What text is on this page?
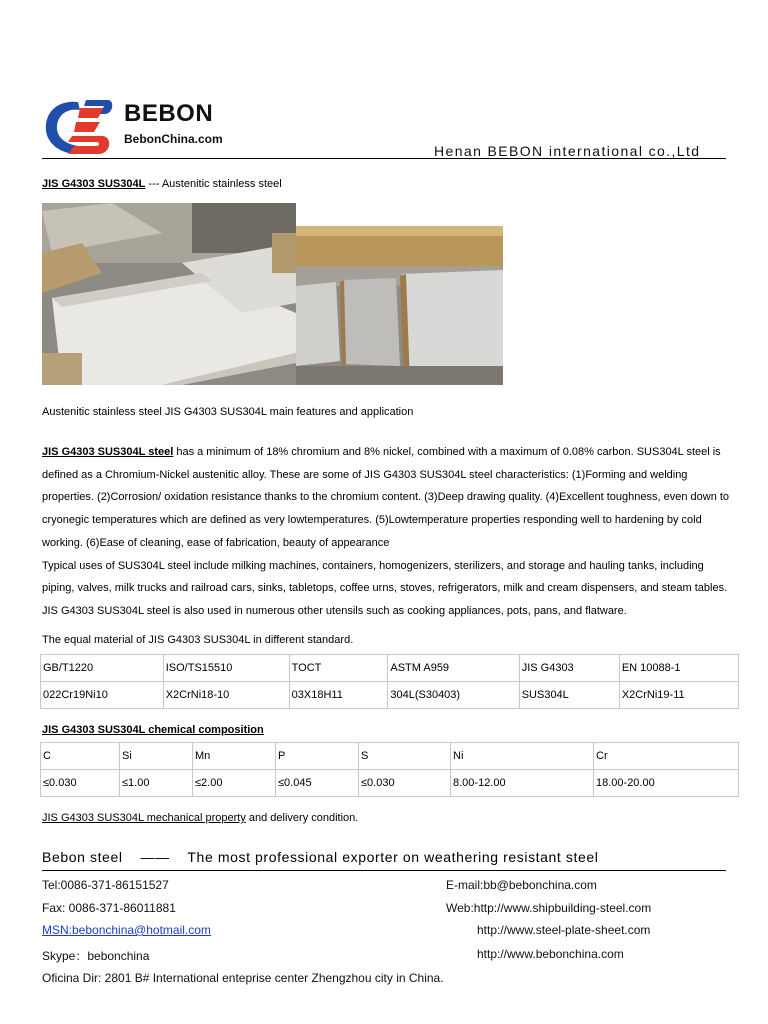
BEBON
BebonChina.com
Henan BEBON international co.,Ltd
JIS G4303 SUS304L --- Austenitic stainless steel
Austenitic stainless steel JIS G4303 SUS304L main features and application
JIS G4303 SUS304L steel has a minimum of 18% chromium and 8% nickel, combined with a maximum of 0.08% carbon. SUS304L steel is defined as a Chromium-Nickel austenitic alloy. These are some of JIS G4303 SUS304L steel characteristics: (1)Forming and welding properties. (2)Corrosion/ oxidation resistance thanks to the chromium content. (3)Deep drawing quality. (4)Excellent toughness, even down to cryonegic temperatures which are defined as very lowtemperatures. (5)Lowtemperature properties responding well to hardening by cold working. (6)Ease of cleaning, ease of fabrication, beauty of appearance
Typical uses of SUS304L steel include milking machines, containers, homogenizers, sterilizers, and storage and hauling tanks, including piping, valves, milk trucks and railroad cars, sinks, tabletops, coffee urns, stoves, refrigerators, milk and cream dispensers, and steam tables. JIS G4303 SUS304L steel is also used in numerous other utensils such as cooking appliances, pots, pans, and flatware.
The equal material of JIS G4303 SUS304L in different standard.
GB/T1220	ISO/TS15510	TOCT	ASTM A959	JIS G4303	EN 10088-1
022Cr19Ni10	X2CrNi18-10	03X18H11	304L(S30403)	SUS304L	X2CrNi19-11
JIS G4303 SUS304L chemical composition
C	Si	Mn	P	S	Ni	Cr
≤0.030	≤1.00	≤2.00	≤0.045	≤0.030	8.00-12.00	18.00-20.00
JIS G4303 SUS304L mechanical property and delivery condition.
Bebon steel    ——    The most professional exporter on weathering resistant steel
Tel:0086-371-86151527
Fax: 0086-371-86011881
MSN:bebonchina@hotmail.com
Skype：bebonchina
E-mail:bb@bebonchina.com
Web:http://www.shipbuilding-steel.com
http://www.steel-plate-sheet.com
http://www.bebonchina.com
Oficina Dir: 2801 B# International enteprise center Zhengzhou city in China.
